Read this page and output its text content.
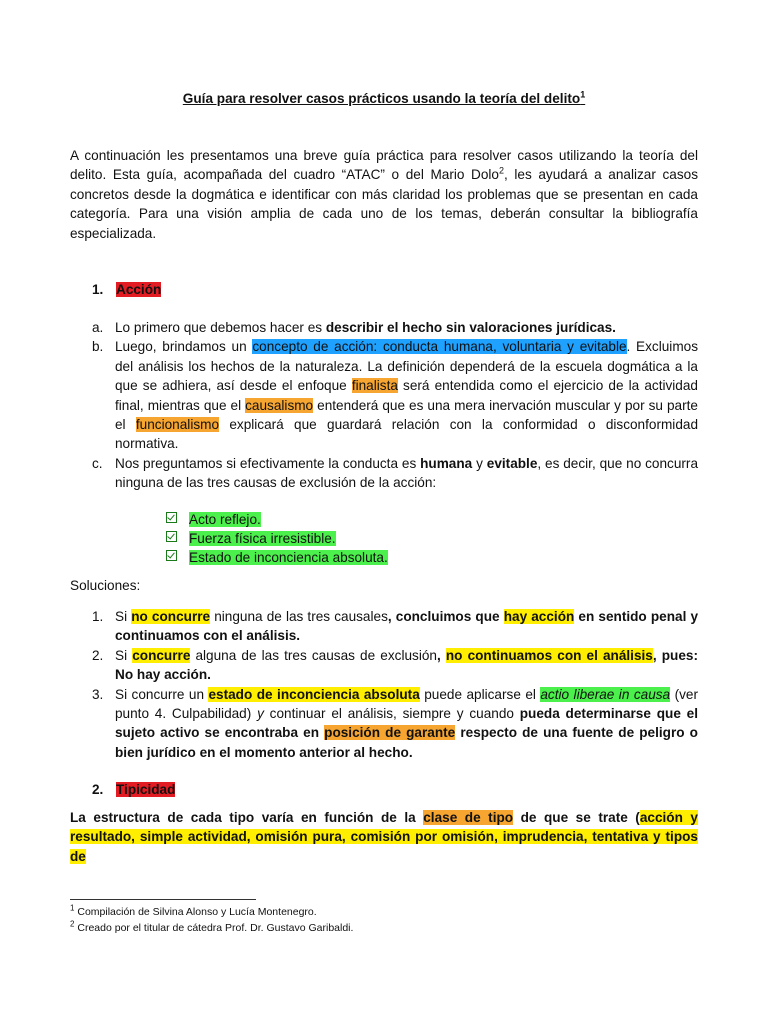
Guía para resolver casos prácticos usando la teoría del delito$^1$
A continuación les presentamos una breve guía práctica para resolver casos utilizando la teoría del delito. Esta guía, acompañada del cuadro “ATAC” o del Mario Dolo$^2$, les ayudará a analizar casos concretos desde la dogmática e identificar con más claridad los problemas que se presentan en cada categoría. Para una visión amplia de cada uno de los temas, deberán consultar la bibliografía especializada.
1. Acción
a. Lo primero que debemos hacer es describir el hecho sin valoraciones jurídicas.
b. Luego, brindamos un concepto de acción: conducta humana, voluntaria y evitable. Excluimos del análisis los hechos de la naturaleza. La definición dependerá de la escuela dogmática a la que se adhiera, así desde el enfoque finalista será entendida como el ejercicio de la actividad final, mientras que el causalismo entenderá que es una mera inervación muscular y por su parte el funcionalismo explicará que guardará relación con la conformidad o disconformidad normativa.
c. Nos preguntamos si efectivamente la conducta es humana y evitable, es decir, que no concurra ninguna de las tres causas de exclusión de la acción:
Acto reflejo.
Fuerza física irresistible.
Estado de inconciencia absoluta.
Soluciones:
1. Si no concurre ninguna de las tres causales, concluimos que hay acción en sentido penal y continuamos con el análisis.
2. Si concurre alguna de las tres causas de exclusión, no continuamos con el análisis, pues: No hay acción.
3. Si concurre un estado de inconciencia absoluta puede aplicarse el actio liberae in causa (ver punto 4. Culpabilidad) y continuar el análisis, siempre y cuando pueda determinarse que el sujeto activo se encontraba en posición de garante respecto de una fuente de peligro o bien jurídico en el momento anterior al hecho.
2. Tipicidad
La estructura de cada tipo varía en función de la clase de tipo de que se trate (acción y resultado, simple actividad, omisión pura, comisión por omisión, imprudencia, tentativa y tipos de
$^1$ Compilación de Silvina Alonso y Lucía Montenegro.
$^2$ Creado por el titular de cátedra Prof. Dr. Gustavo Garibaldi.
